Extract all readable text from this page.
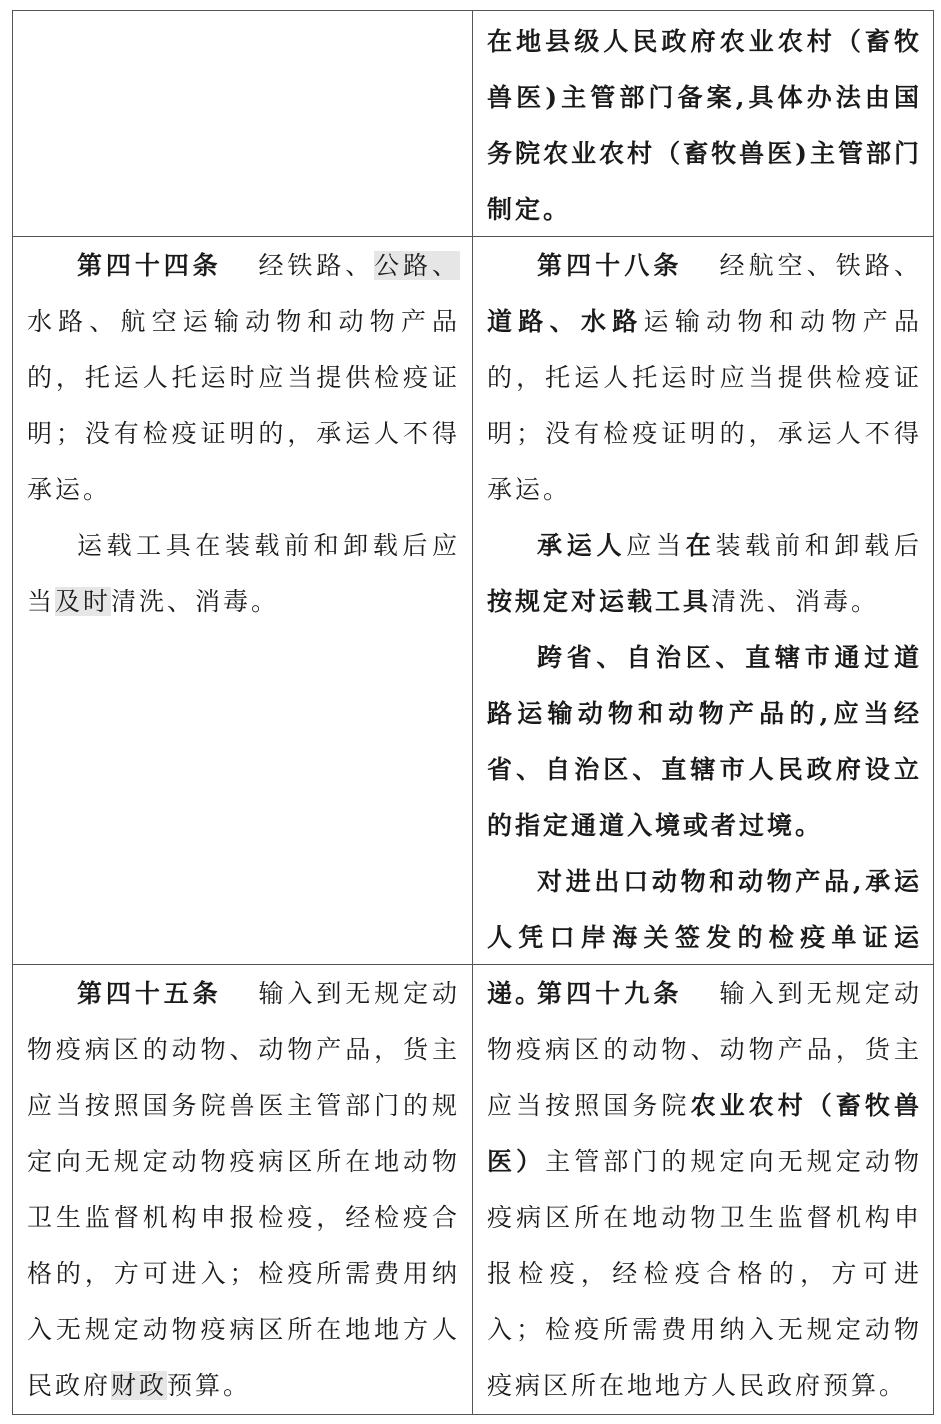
在地县级人民政府农业农村（畜牧兽医)主管部门备案,具体办法由国务院农业农村（畜牧兽医)主管部门制定。

第四十四条 经铁路、公路、水路、航空运输动物和动物产品的，托运人托运时应当提供检疫证明；没有检疫证明的，承运人不得承运。

运载工具在装载前和卸载后应当及时清洗、消毒。

第四十八条 经航空、铁路、道路、水路运输动物和动物产品的，托运人托运时应当提供检疫证明；没有检疫证明的，承运人不得承运。

承运人应当在装载前和卸载后按规定对运载工具清洗、消毒。

跨省、自治区、直辖市通过道路运输动物和动物产品的,应当经省、自治区、直辖市人民政府设立的指定通道入境或者过境。

对进出口动物和动物产品,承运人凭口岸海关签发的检疫单证运递。

第四十五条 输入到无规定动物疫病区的动物、动物产品，货主应当按照国务院兽医主管部门的规定向无规定动物疫病区所在地动物卫生监督机构申报检疫，经检疫合格的，方可进入；检疫所需费用纳入无规定动物疫病区所在地地方人民政府财政预算。

第四十九条 输入到无规定动物疫病区的动物、动物产品，货主应当按照国务院农业农村（畜牧兽医）主管部门的规定向无规定动物疫病区所在地动物卫生监督机构申报检疫，经检疫合格的，方可进入；检疫所需费用纳入无规定动物疫病区所在地地方人民政府预算。
